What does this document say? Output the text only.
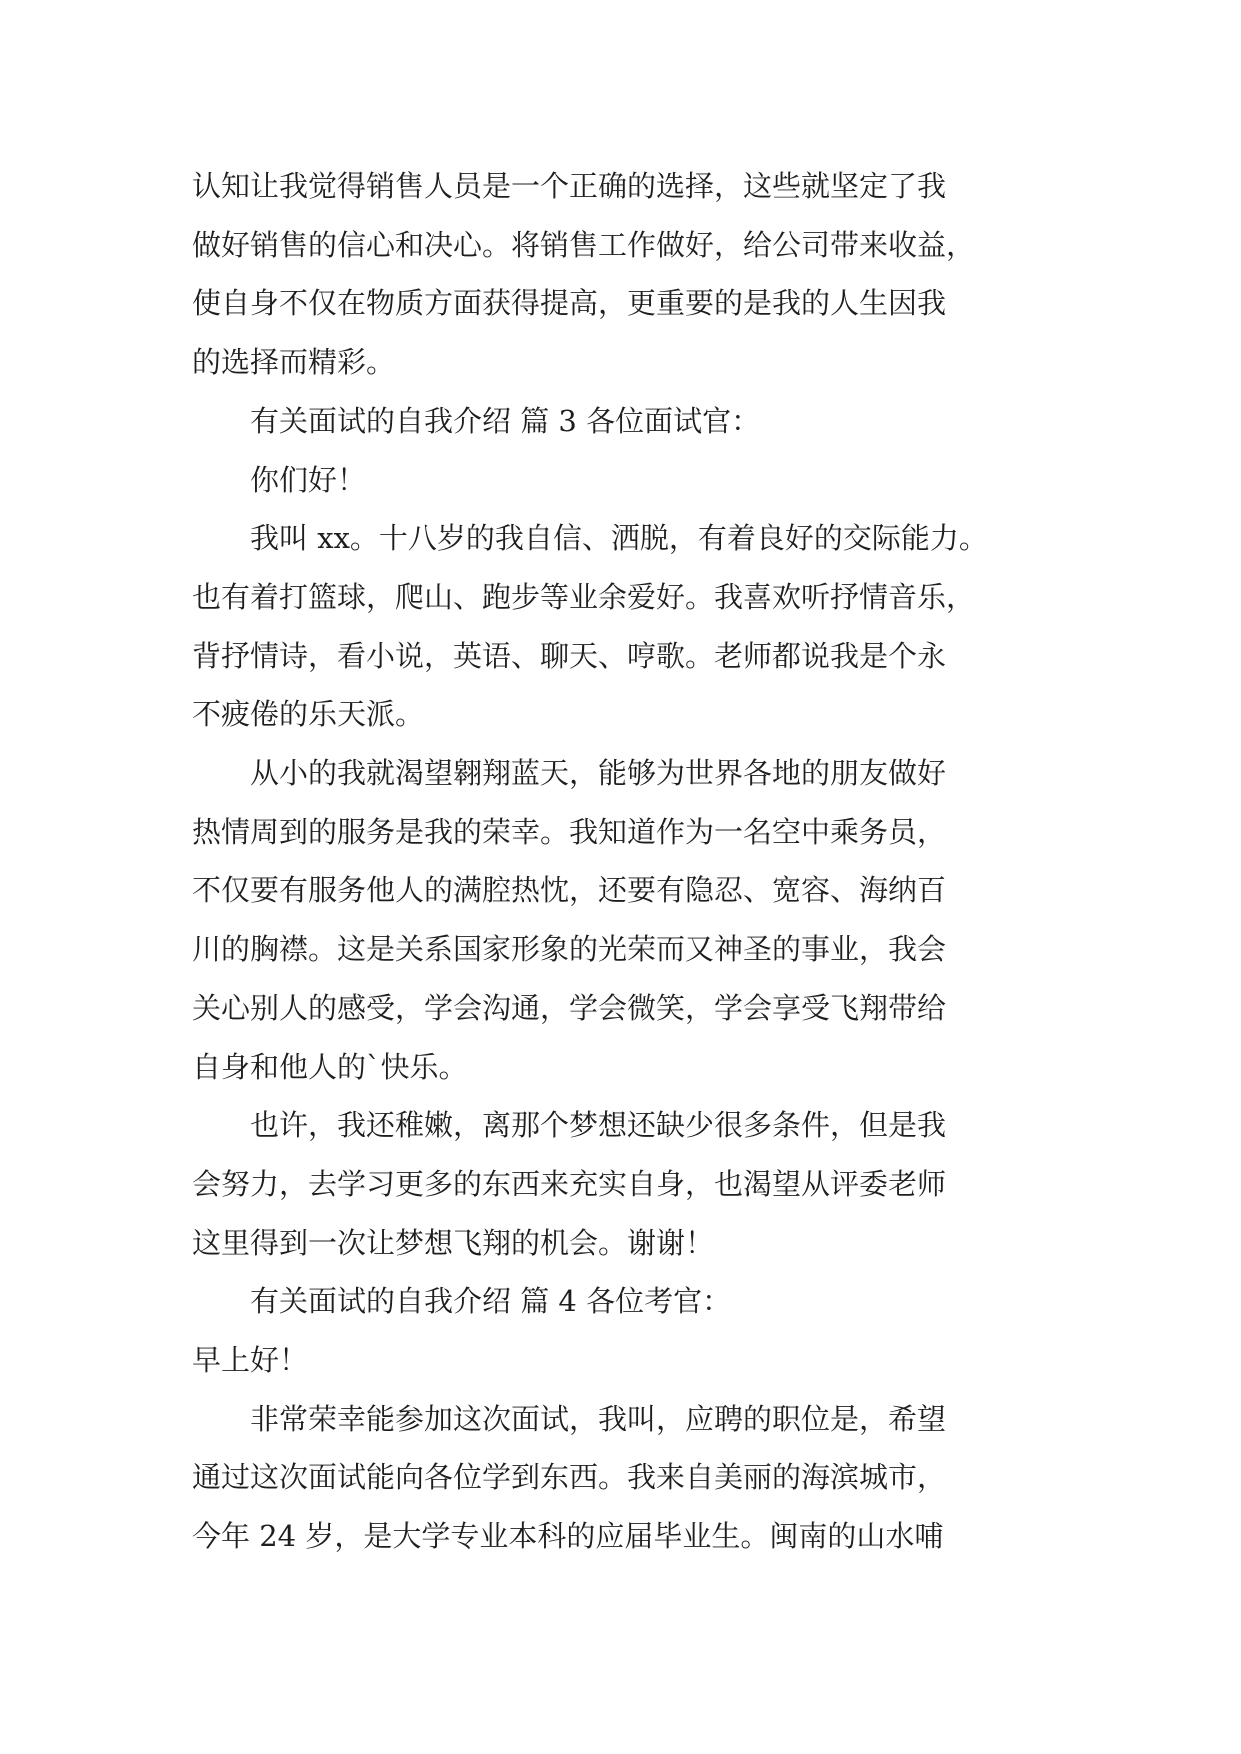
认知让我觉得销售人员是一个正确的选择，这些就坚定了我
做好销售的信心和决心。将销售工作做好，给公司带来收益，
使自身不仅在物质方面获得提高，更重要的是我的人生因我
的选择而精彩。

有关面试的自我介绍 篇 3 各位面试官：

你们好！

我叫 xx。十八岁的我自信、洒脱，有着良好的交际能力。
也有着打篮球，爬山、跑步等业余爱好。我喜欢听抒情音乐，
背抒情诗，看小说，英语、聊天、哼歌。老师都说我是个永
不疲倦的乐天派。

从小的我就渴望翱翔蓝天，能够为世界各地的朋友做好
热情周到的服务是我的荣幸。我知道作为一名空中乘务员，
不仅要有服务他人的满腔热忱，还要有隐忍、宽容、海纳百
川的胸襟。这是关系国家形象的光荣而又神圣的事业，我会
关心别人的感受，学会沟通，学会微笑，学会享受飞翔带给
自身和他人的`快乐。

也许，我还稚嫩，离那个梦想还缺少很多条件，但是我
会努力，去学习更多的东西来充实自身，也渴望从评委老师
这里得到一次让梦想飞翔的机会。谢谢！

有关面试的自我介绍 篇 4 各位考官：

早上好！

非常荣幸能参加这次面试，我叫，应聘的职位是，希望
通过这次面试能向各位学到东西。我来自美丽的海滨城市，
今年 24 岁，是大学专业本科的应届毕业生。闽南的山水哺
